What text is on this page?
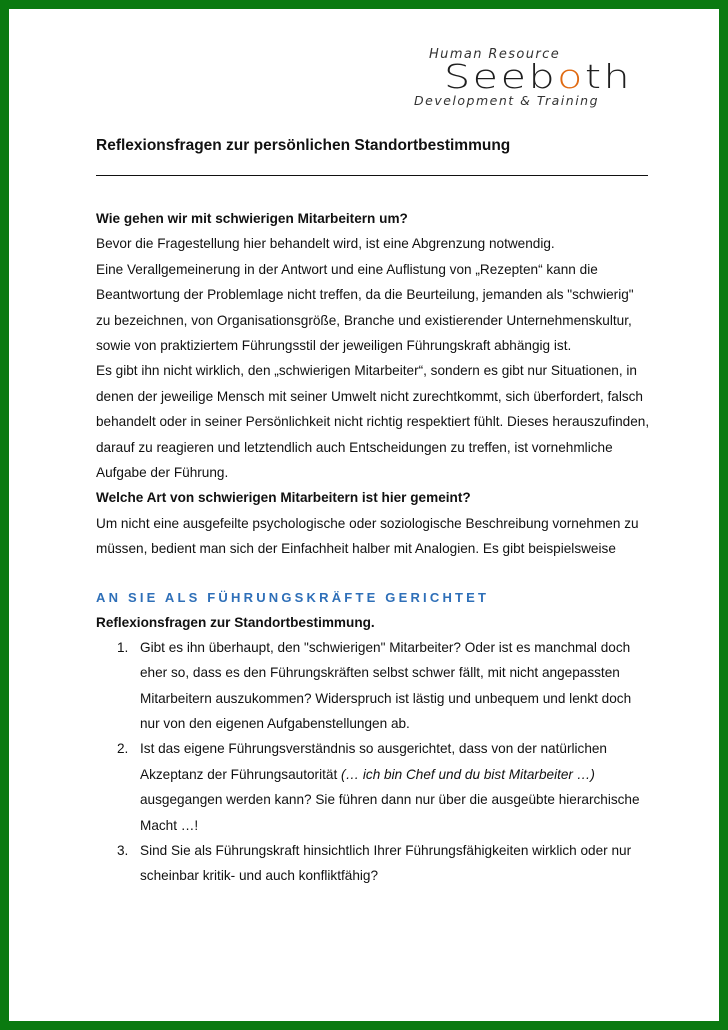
Human Resource
Seeboth
Development & Training
Reflexionsfragen zur persönlichen Standortbestimmung

Wie gehen wir mit schwierigen Mitarbeitern um?

Bevor die Fragestellung hier behandelt wird, ist eine Abgrenzung notwendig.

Eine Verallgemeinerung in der Antwort und eine Auflistung von „Rezepten“ kann die Beantwortung der Problemlage nicht treffen, da die Beurteilung, jemanden als "schwierig" zu bezeichnen, von Organisationsgröße, Branche und existierender Unternehmenskultur, sowie von praktiziertem Führungsstil der jeweiligen Führungskraft abhängig ist.

Es gibt ihn nicht wirklich, den „schwierigen Mitarbeiter“, sondern es gibt nur Situationen, in denen der jeweilige Mensch mit seiner Umwelt nicht zurechtkommt, sich überfordert, falsch behandelt oder in seiner Persönlichkeit nicht richtig respektiert fühlt. Dieses herauszufinden, darauf zu reagieren und letztendlich auch Entscheidungen zu treffen, ist vornehmliche Aufgabe der Führung.

Welche Art von schwierigen Mitarbeitern ist hier gemeint?

Um nicht eine ausgefeilte psychologische oder soziologische Beschreibung vornehmen zu müssen, bedient man sich der Einfachheit halber mit Analogien. Es gibt beispielsweise

AN SIE ALS FÜHRUNGSKRÄFTE GERICHTET
Reflexionsfragen zur Standortbestimmung.
1. Gibt es ihn überhaupt, den "schwierigen" Mitarbeiter? Oder ist es manchmal doch eher so, dass es den Führungskräften selbst schwer fällt, mit nicht angepassten Mitarbeitern auszukommen? Widerspruch ist lästig und unbequem und lenkt doch nur von den eigenen Aufgabenstellungen ab.
2. Ist das eigene Führungsverständnis so ausgerichtet, dass von der natürlichen Akzeptanz der Führungsautorität (… ich bin Chef und du bist Mitarbeiter …) ausgegangen werden kann? Sie führen dann nur über die ausgeübte hierarchische Macht …!
3. Sind Sie als Führungskraft hinsichtlich Ihrer Führungsfähigkeiten wirklich oder nur scheinbar kritik- und auch konfliktfähig?
